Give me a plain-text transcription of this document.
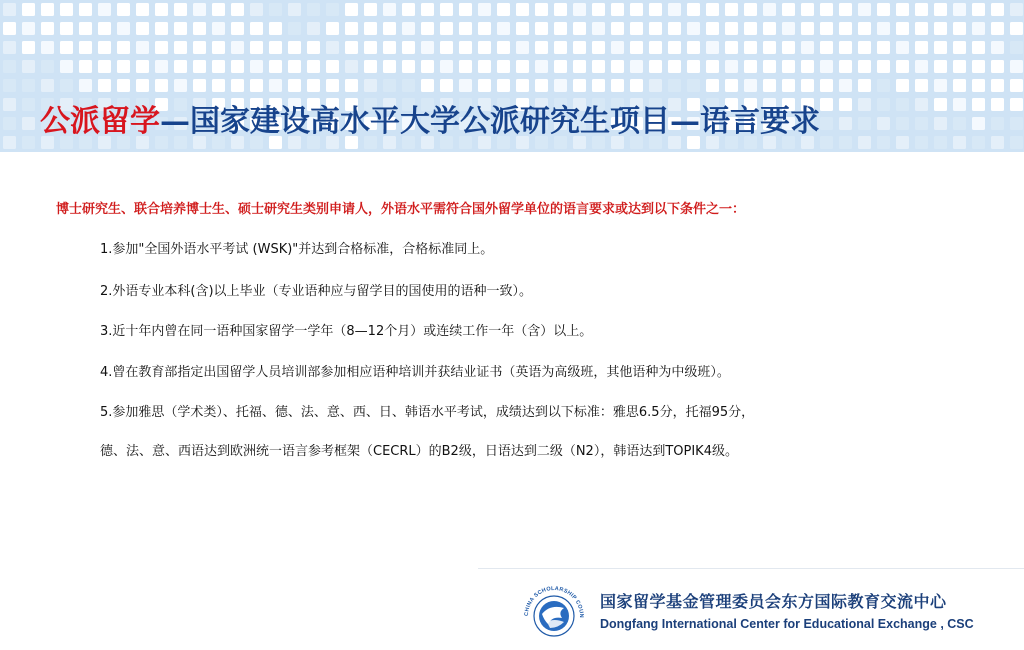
公派留学—国家建设高水平大学公派研究生项目—语言要求
博士研究生、联合培养博士生、硕士研究生类别申请人，外语水平需符合国外留学单位的语言要求或达到以下条件之一：
1.参加"全国外语水平考试 (WSK)"并达到合格标准，合格标准同上。
2.外语专业本科(含)以上毕业（专业语种应与留学目的国使用的语种一致）。
3.近十年内曾在同一语种国家留学一学年（8—12个月）或连续工作一年（含）以上。
4.曾在教育部指定出国留学人员培训部参加相应语种培训并获结业证书（英语为高级班，其他语种为中级班）。
5.参加雅思（学术类）、托福、德、法、意、西、日、韩语水平考试，成绩达到以下标准：雅思6.5分，托福95分，
德、法、意、西语达到欧洲统一语言参考框架（CECRL）的B2级，日语达到二级（N2），韩语达到TOPIK4级。
CHINA SCHOLARSHIP COUN
国家留学基金管理委员会东方国际教育交流中心
Dongfang International Center for Educational Exchange , CSC
